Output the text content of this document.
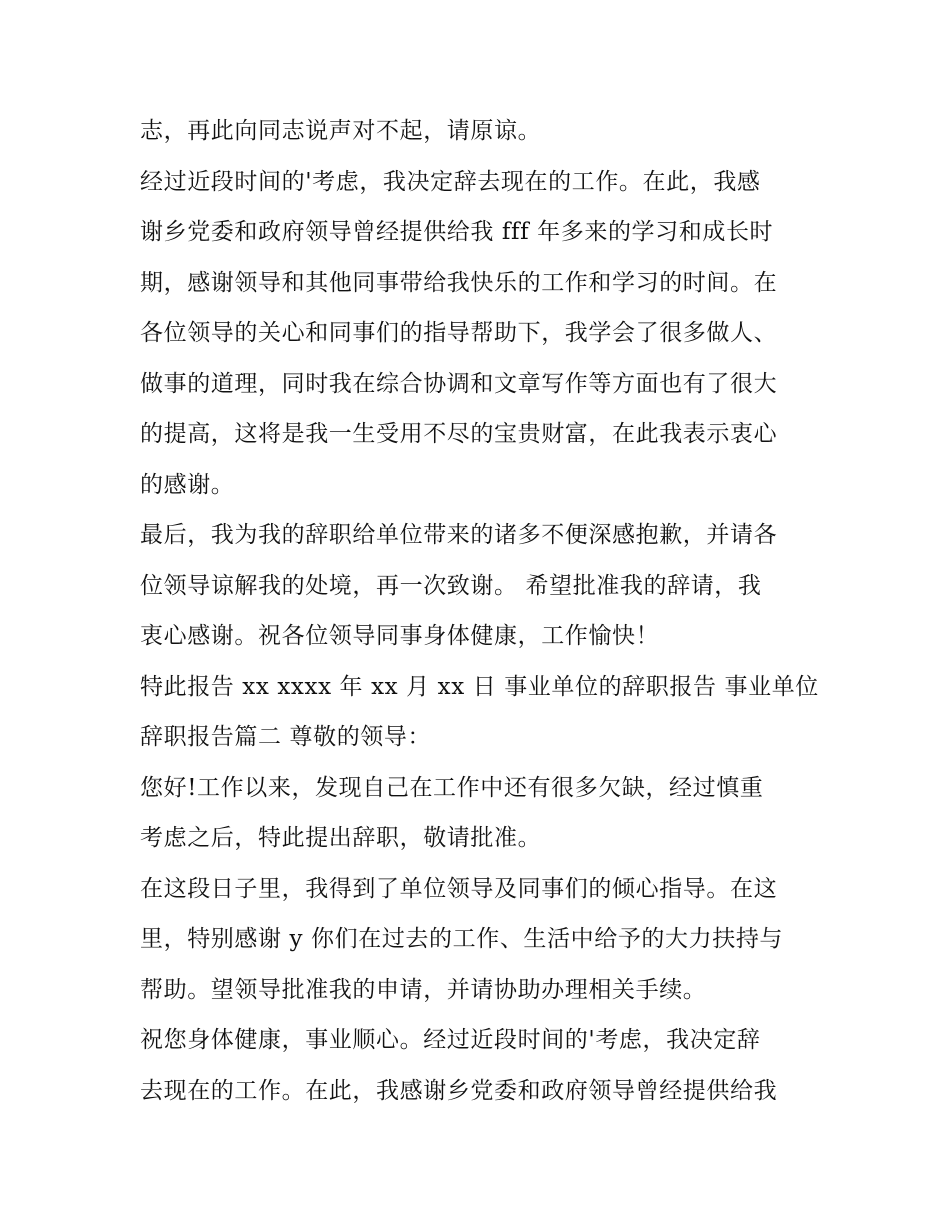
志，再此向同志说声对不起，请原谅。
经过近段时间的'考虑，我决定辞去现在的工作。在此，我感
谢乡党委和政府领导曾经提供给我 fff 年多来的学习和成长时
期，感谢领导和其他同事带给我快乐的工作和学习的时间。在
各位领导的关心和同事们的指导帮助下，我学会了很多做人、
做事的道理，同时我在综合协调和文章写作等方面也有了很大
的提高，这将是我一生受用不尽的宝贵财富，在此我表示衷心
的感谢。
最后，我为我的辞职给单位带来的诸多不便深感抱歉，并请各
位领导谅解我的处境，再一次致谢。 希望批准我的辞请，我
衷心感谢。祝各位领导同事身体健康，工作愉快！
特此报告 xx xxxx 年 xx 月 xx 日 事业单位的辞职报告 事业单位
辞职报告篇二 尊敬的领导：
您好!工作以来，发现自己在工作中还有很多欠缺，经过慎重
考虑之后，特此提出辞职，敬请批准。
在这段日子里，我得到了单位领导及同事们的倾心指导。在这
里，特别感谢 y 你们在过去的工作、生活中给予的大力扶持与
帮助。望领导批准我的申请，并请协助办理相关手续。
祝您身体健康，事业顺心。经过近段时间的'考虑，我决定辞
去现在的工作。在此，我感谢乡党委和政府领导曾经提供给我
